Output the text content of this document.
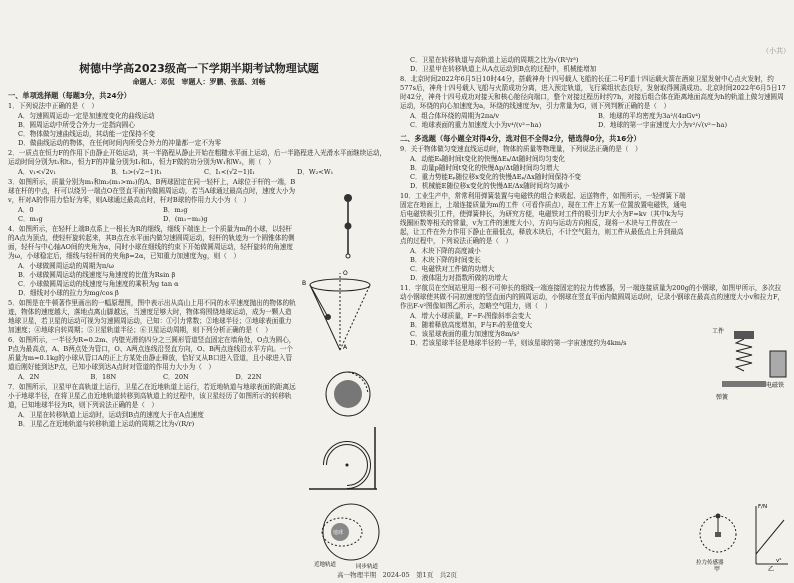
（小共）
树德中学高2023级高一下学期半期考试物理试题
命题人：邓侃　审题人：罗鹏、张磊、刘畅
一、单项选择题（每题3分，共24分）
1．下列说法中正确的是（　）
A．匀速圆周运动一定是加速度变化的曲线运动
B．圆周运动中所受合外力一定指向圆心
C．物体做匀速曲线运动，其动能一定保持不变
D．做曲线运动的物体，在任何时间内所受合外力的冲量都一定不为零
2．一质点在恒力F的作用下由静止开始运动，其一半路程从静止开始在粗糙水平面上运动，后一半路程进入光滑水平面继续运动，运动时间分别为t₁和t₂，恒力F的冲量分别为I₁和I₂，恒力F做的功分别为W₁和W₂，则（　）
A．v₁<√2v₁	B．t₂>(√2−1)t₁	C．I₁<(√2−1)I₁	D．W₂<W₁
3．如图所示，质量分别为m₁和m₂(m₁>m₂)的A、B两球固定在同一轻杆上，A球位于杆的一端，B球在杆的中点，杆可以绕另一端点O在竖直平面内做圆周运动，若当A球通过最高点时，速度大小为v，杆对A的作用力恰好为零，则A球通过最高点时，杆对B球的作用力大小为（　）
A．0	B．m₂g
C．m₁g	D．(m₁−m₂)g
4．如图所示，在轻杆上端B点系上一根长为R的细线，细线下端连上一个质量为m的小球，以轻杆的A点为顶点，使轻杆旋转起来，其B点在水平面内做匀速圆周运动，轻杆的轨迹为一个圆锥体的侧面，轻杆与中心轴AO间的夹角为α，同时小球在细线的约束下开始做圆周运动，轻杆旋转的角速度为ω，小球稳定后，细线与轻杆间的夹角β=2α，已知重力加速度为g，则（　）
A．小球做圆周运动的周期为π/ω
B．小球做圆周运动的线速度与角速度的比值为Rsin β
C．小球做圆周运动的线速度与角速度的乘积为g tan α
D．细线对小球的拉力为mg/cos β
5．如图是在牛顿著作里画出的一幅原理图，图中表示出从高山上用不同的水平速度抛出的物体的轨迹，物体的速度越大，落地点离山脚越远，当速度足够大时，物体将围绕地球运动，成为一颗人造地球卫星，若卫星的运动可视为匀速圆周运动，已知：①引力常数；②地球半径；③地球表面重力加速度；④地球自转周期；⑤卫星轨道半径；⑥卫星运动周期，则下列分析正确的是（　）
6．如图所示，一半径为R=0.2m、内壁光滑的四分之三圆形管道竖直固定在墙角处，O点为圆心，P点为最高点，A、B两点处为管口，O、A两点连线沿竖直方向，O、B两点连线沿水平方向。一个质量为m=0.1kg的小球从管口A的正上方某处由静止释放，恰好又从B口进入管道，且小球进入管道后刚好能到达P点，已知小球到达A点时对管道的作用力大小为（　）
A．2N	B．18N	C．20N	D．22N
7．如图所示，卫星甲在高轨道上运行，卫星乙在近地轨道上运行，若近地轨道与地球表面的距离远小于地球半径，在将卫星乙由近地轨道转移到高轨道上的过程中，该卫星经历了如图所示的转移轨道，已知地球半径为R，则下列说法正确的是（　）
A．卫星在转移轨道上运动时，运动到B点的速度大于在A点速度
B．卫星乙在近地轨道与转移轨道上运动的周期之比为√(R/r)
A
O
B
近地轨道	同步轨道
地球
C．卫星在转移轨道与高轨道上运动的周期之比为√(R³/r³)
D．卫星甲在转移轨道上从A点运动到B点的过程中，机械能增加
8．北京时间2022年6月5日10时44分，搭载神舟十四号载人飞船的长征二号F遥十四运载火箭在酒泉卫星发射中心点火发射，约577s后，神舟十四号载人飞船与火箭成功分离，进入预定轨道，飞行乘组状态良好，发射取得圆满成功。北京时间2022年6月5日17时42分，神舟十四号成功对接天和核心舱径向端口，整个对接过程历时约7h，对接后组合体在距离地面高度为h的轨道上做匀速圆周运动，环绕的向心加速度为a，环绕的线速度为v，引力常量为G，则下列判断正确的是（　）
A．组合体环绕的周期为2πa/v	B．地球的平均密度为3a²/(4πGv⁴)
C．地球表面的重力加速度大小为v⁴/(v²−ha)	D．地球的第一宇宙速度大小为v²/√(v²−ha)
二、多选题（每小题全对得4分，选对但不全得2分，错选得0分，共16分）
9．关于物体做匀变速直线运动时，物体的质量等物理量，下列说法正确的是（　）
A．动能Eₖ随时间t变化的快慢ΔEₖ/Δt随时间均匀变化
B．动量p随时间t变化的快慢Δp/Δt随时间均匀增大
C．重力势能Eₚ随位移x变化的快慢ΔEₚ/Δx随时间保持不变
D．机械能E随位移x变化的快慢ΔE/Δx随时间均匀减小
10．工业生产中，常常利用弹簧装置与电磁铁的组合来吸起、运送物件，如图所示，一轻弹簧下端固定在地面上，上端连接质量为m的工件（可看作质点），现在工件上方某一位置放置电磁铁，通电后电磁铁吸引工件，使弹簧伸长，为研究方便，电磁铁对工件的吸引力F大小为F=kv（其中k为与线圈匝数等相关的常量，v为工件的速度大小），方向与运动方向相反，现将一木块与工件放在一起，让工件在外力作用下静止在最低点，释放木块后，不计空气阻力，则工件从最低点上升到最高点的过程中，下列说法正确的是（　）
A．木块下降的高度减小
B．木块下降的时间变长
C．电磁铁对工件做的功增大
D．液体阻力对指数所做的功增大
11．宇航员在空间站里用一根不可伸长的细线一端连接固定的拉力传感器，另一端连接质量为200g的小钢球，如图甲所示，多次拉动小钢球使其做不同初速度的竖直面内的圆周运动，小钢球在竖直平面内做圆周运动时，记录小钢球在最高点的速度大小v和拉力F，作出F-v²图像如图乙所示，忽略空气阻力，则（　）
A．增大小球质量，F−F₀图像斜率会变大
B．随着释放高度增加，F与F₀的差值变大
C．该星球表面的重力加速度为8m/s²
D．若该星球半径是地球半径的一半，则该星球的第一宇宙速度约为4km/s
工件
电磁铁
弹簧
拉力传感器
甲	乙
F/N
v²
高一物理半期　2024-05　第1页　共2页
